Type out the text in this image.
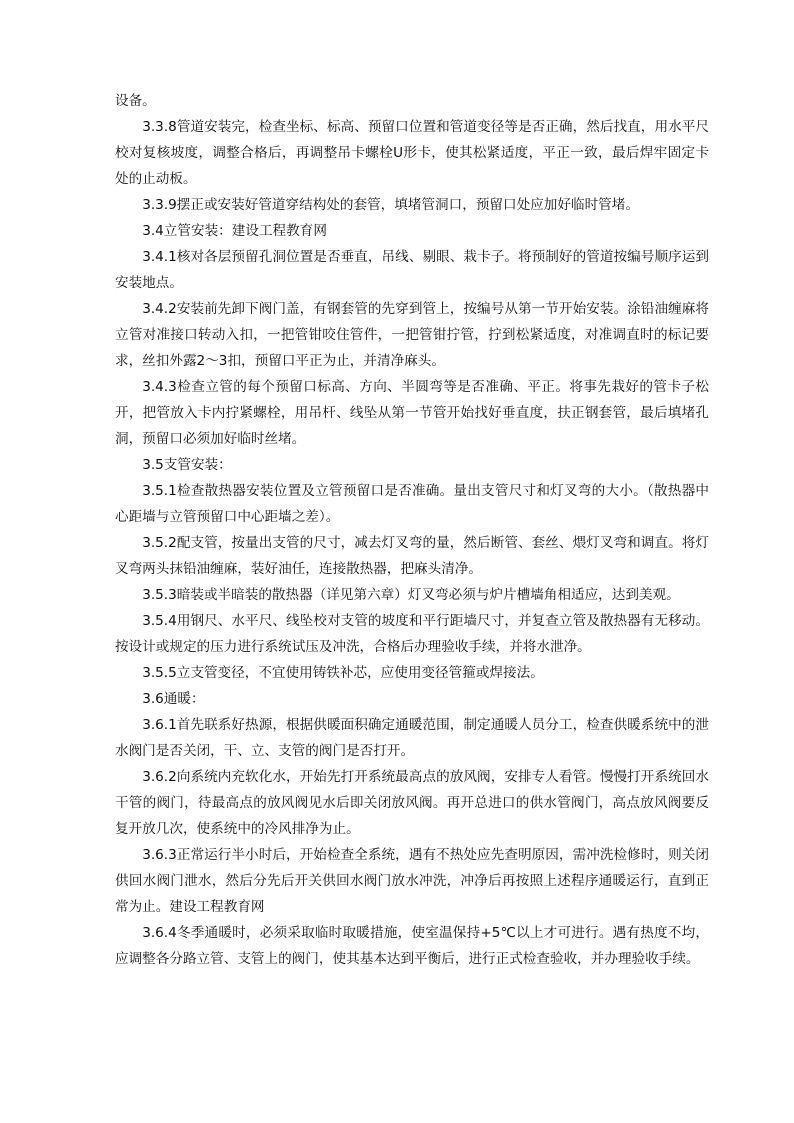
设备。

3.3.8管道安装完，检查坐标、标高、预留口位置和管道变径等是否正确，然后找直，用水平尺校对复核坡度，调整合格后，再调整吊卡螺栓U形卡，使其松紧适度，平正一致，最后焊牢固定卡处的止动板。

3.3.9摆正或安装好管道穿结构处的套管，填堵管洞口，预留口处应加好临时管堵。

3.4立管安装：建设工程教育网

3.4.1核对各层预留孔洞位置是否垂直，吊线、剔眼、栽卡子。将预制好的管道按编号顺序运到安装地点。

3.4.2安装前先卸下阀门盖，有钢套管的先穿到管上，按编号从第一节开始安装。涂铅油缠麻将立管对准接口转动入扣，一把管钳咬住管件，一把管钳拧管，拧到松紧适度，对准调直时的标记要求，丝扣外露2～3扣，预留口平正为止，并清净麻头。

3.4.3检查立管的每个预留口标高、方向、半圆弯等是否准确、平正。将事先栽好的管卡子松开，把管放入卡内拧紧螺栓，用吊杆、线坠从第一节管开始找好垂直度，扶正钢套管，最后填堵孔洞，预留口必须加好临时丝堵。

3.5支管安装：

3.5.1检查散热器安装位置及立管预留口是否准确。量出支管尺寸和灯叉弯的大小。（散热器中心距墙与立管预留口中心距墙之差）。

3.5.2配支管，按量出支管的尺寸，减去灯叉弯的量，然后断管、套丝、煨灯叉弯和调直。将灯叉弯两头抹铅油缠麻，装好油任，连接散热器，把麻头清净。

3.5.3暗装或半暗装的散热器（详见第六章）灯叉弯必须与炉片槽墙角相适应，达到美观。

3.5.4用钢尺、水平尺、线坠校对支管的坡度和平行距墙尺寸，并复查立管及散热器有无移动。按设计或规定的压力进行系统试压及冲洗，合格后办理验收手续，并将水泄净。

3.5.5立支管变径，不宜使用铸铁补芯，应使用变径管箍或焊接法。

3.6通暖：

3.6.1首先联系好热源，根据供暖面积确定通暖范围，制定通暖人员分工，检查供暖系统中的泄水阀门是否关闭，干、立、支管的阀门是否打开。

3.6.2向系统内充软化水，开始先打开系统最高点的放风阀，安排专人看管。慢慢打开系统回水干管的阀门，待最高点的放风阀见水后即关闭放风阀。再开总进口的供水管阀门，高点放风阀要反复开放几次，使系统中的冷风排净为止。

3.6.3正常运行半小时后，开始检查全系统，遇有不热处应先查明原因，需冲洗检修时，则关闭供回水阀门泄水，然后分先后开关供回水阀门放水冲洗，冲净后再按照上述程序通暖运行，直到正常为止。建设工程教育网

3.6.4冬季通暖时，必须采取临时取暖措施，使室温保持+5℃以上才可进行。遇有热度不均，应调整各分路立管、支管上的阀门，使其基本达到平衡后，进行正式检查验收，并办理验收手续。
